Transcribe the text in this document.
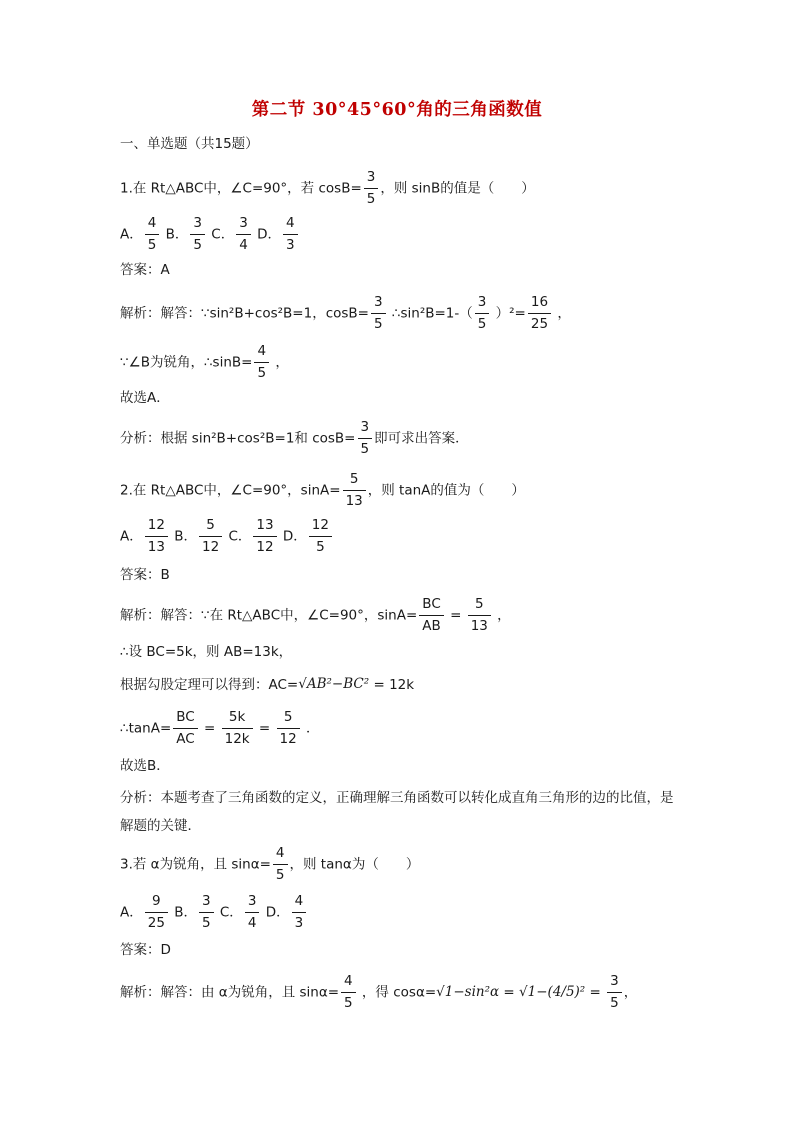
第二节 30°45°60°角的三角函数值
一、单选题（共15题）
1.在 Rt△ABC中，∠C=90°，若 $\cos B= \frac{3}{5}$ ，则 sinB的值是（　　）
A． $\frac{4}{5}$ B． $\frac{3}{5}$ C． $\frac{3}{4}$ D． $\frac{4}{3}$
答案：A
解析：解答：∵sin²B+cos²B=1，$\cos B= \frac{3}{5}$ ∴sin²B=1-（ $\frac{3}{5} )^2= \frac{16}{25}$ ，
∵∠B为锐角，∴sinB= $\frac{4}{5}$ ，
故选A．
分析：根据 sin²B+cos²B=1和 $\cos B= \frac{3}{5}$ 即可求出答案．
2.在 Rt△ABC中，∠C=90°，$\sin A= \frac{5}{13}$ ，则 tanA的值为（　　）
A． $\frac{12}{13}$ B． $\frac{5}{12}$ C． $\frac{13}{12}$ D． $\frac{12}{5}$
答案：B
解析：解答：∵在 Rt△ABC中，∠C=90°，$\sin A= \frac{BC}{AB} = \frac{5}{13}$ ，
∴设 BC=5k，则 AB=13k，
根据勾股定理可以得到：AC=√AB²−BC² = 12k
∴tanA= $\frac{BC}{AC} = \frac{5k}{12k} = \frac{5}{12}$ ．
故选B．
分析：本题考查了三角函数的定义，正确理解三角函数可以转化成直角三角形的边的比值，是解题的关键．
3.若 α为锐角，且 $\sin\alpha= \frac{4}{5}$ ，则 tanα为（　　）
A． $\frac{9}{25}$ B． $\frac{3}{5}$ C． $\frac{3}{4}$ D． $\frac{4}{3}$
答案：D
解析：解答：由 α为锐角，且 $\sin\alpha= \frac{4}{5}$ ，得 $\cos\alpha=√1-\sin^2\alpha = √1-(4/5)^2 = \frac{3}{5}$ ，
